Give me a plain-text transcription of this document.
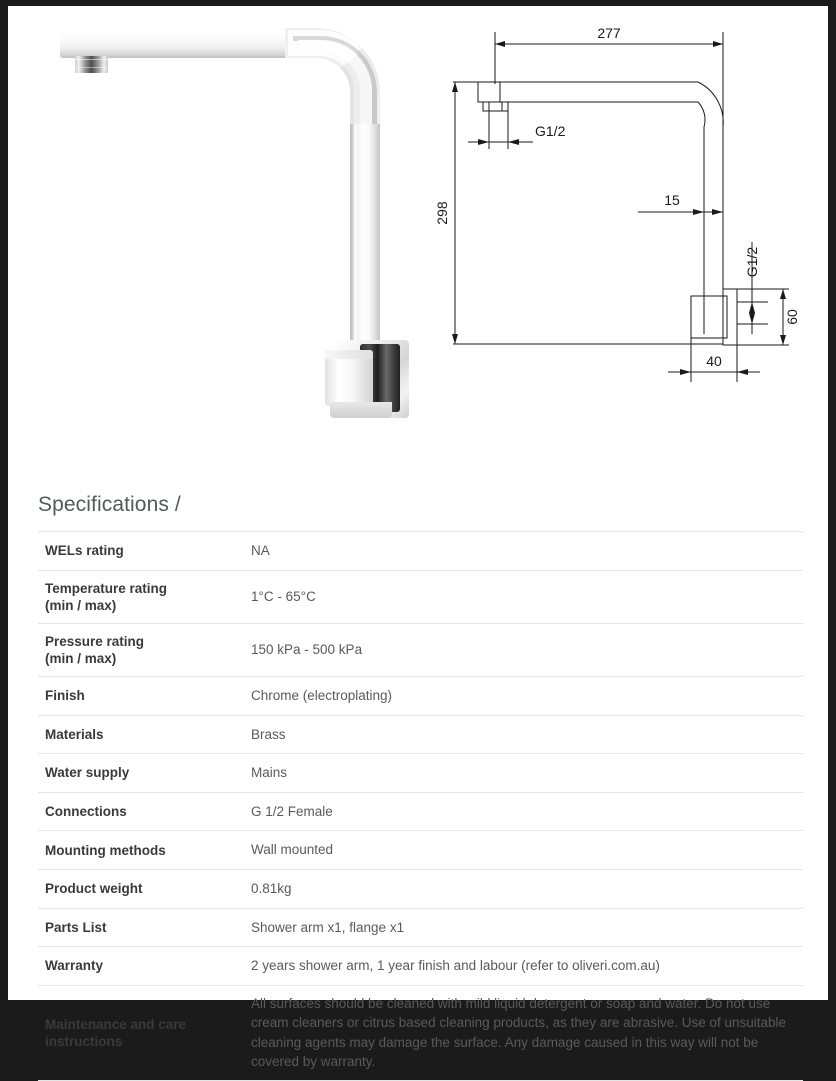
277
298
G1/2
15
G1/2
60
40
Specifications /
WELs rating	NA
Temperature rating
(min / max)	1°C - 65°C
Pressure rating
(min / max)	150 kPa - 500 kPa
Finish	Chrome (electroplating)
Materials	Brass
Water supply	Mains
Connections	G 1/2 Female
Mounting methods	Wall mounted
Product weight	0.81kg
Parts List	Shower arm x1, flange x1
Warranty	2 years shower arm, 1 year finish and labour (refer to oliveri.com.au)
Maintenance and care instructions	All surfaces should be cleaned with mild liquid detergent or soap and water. Do not use cream cleaners or citrus based cleaning products, as they are abrasive. Use of unsuitable cleaning agents may damage the surface. Any damage caused in this way will not be covered by warranty.
